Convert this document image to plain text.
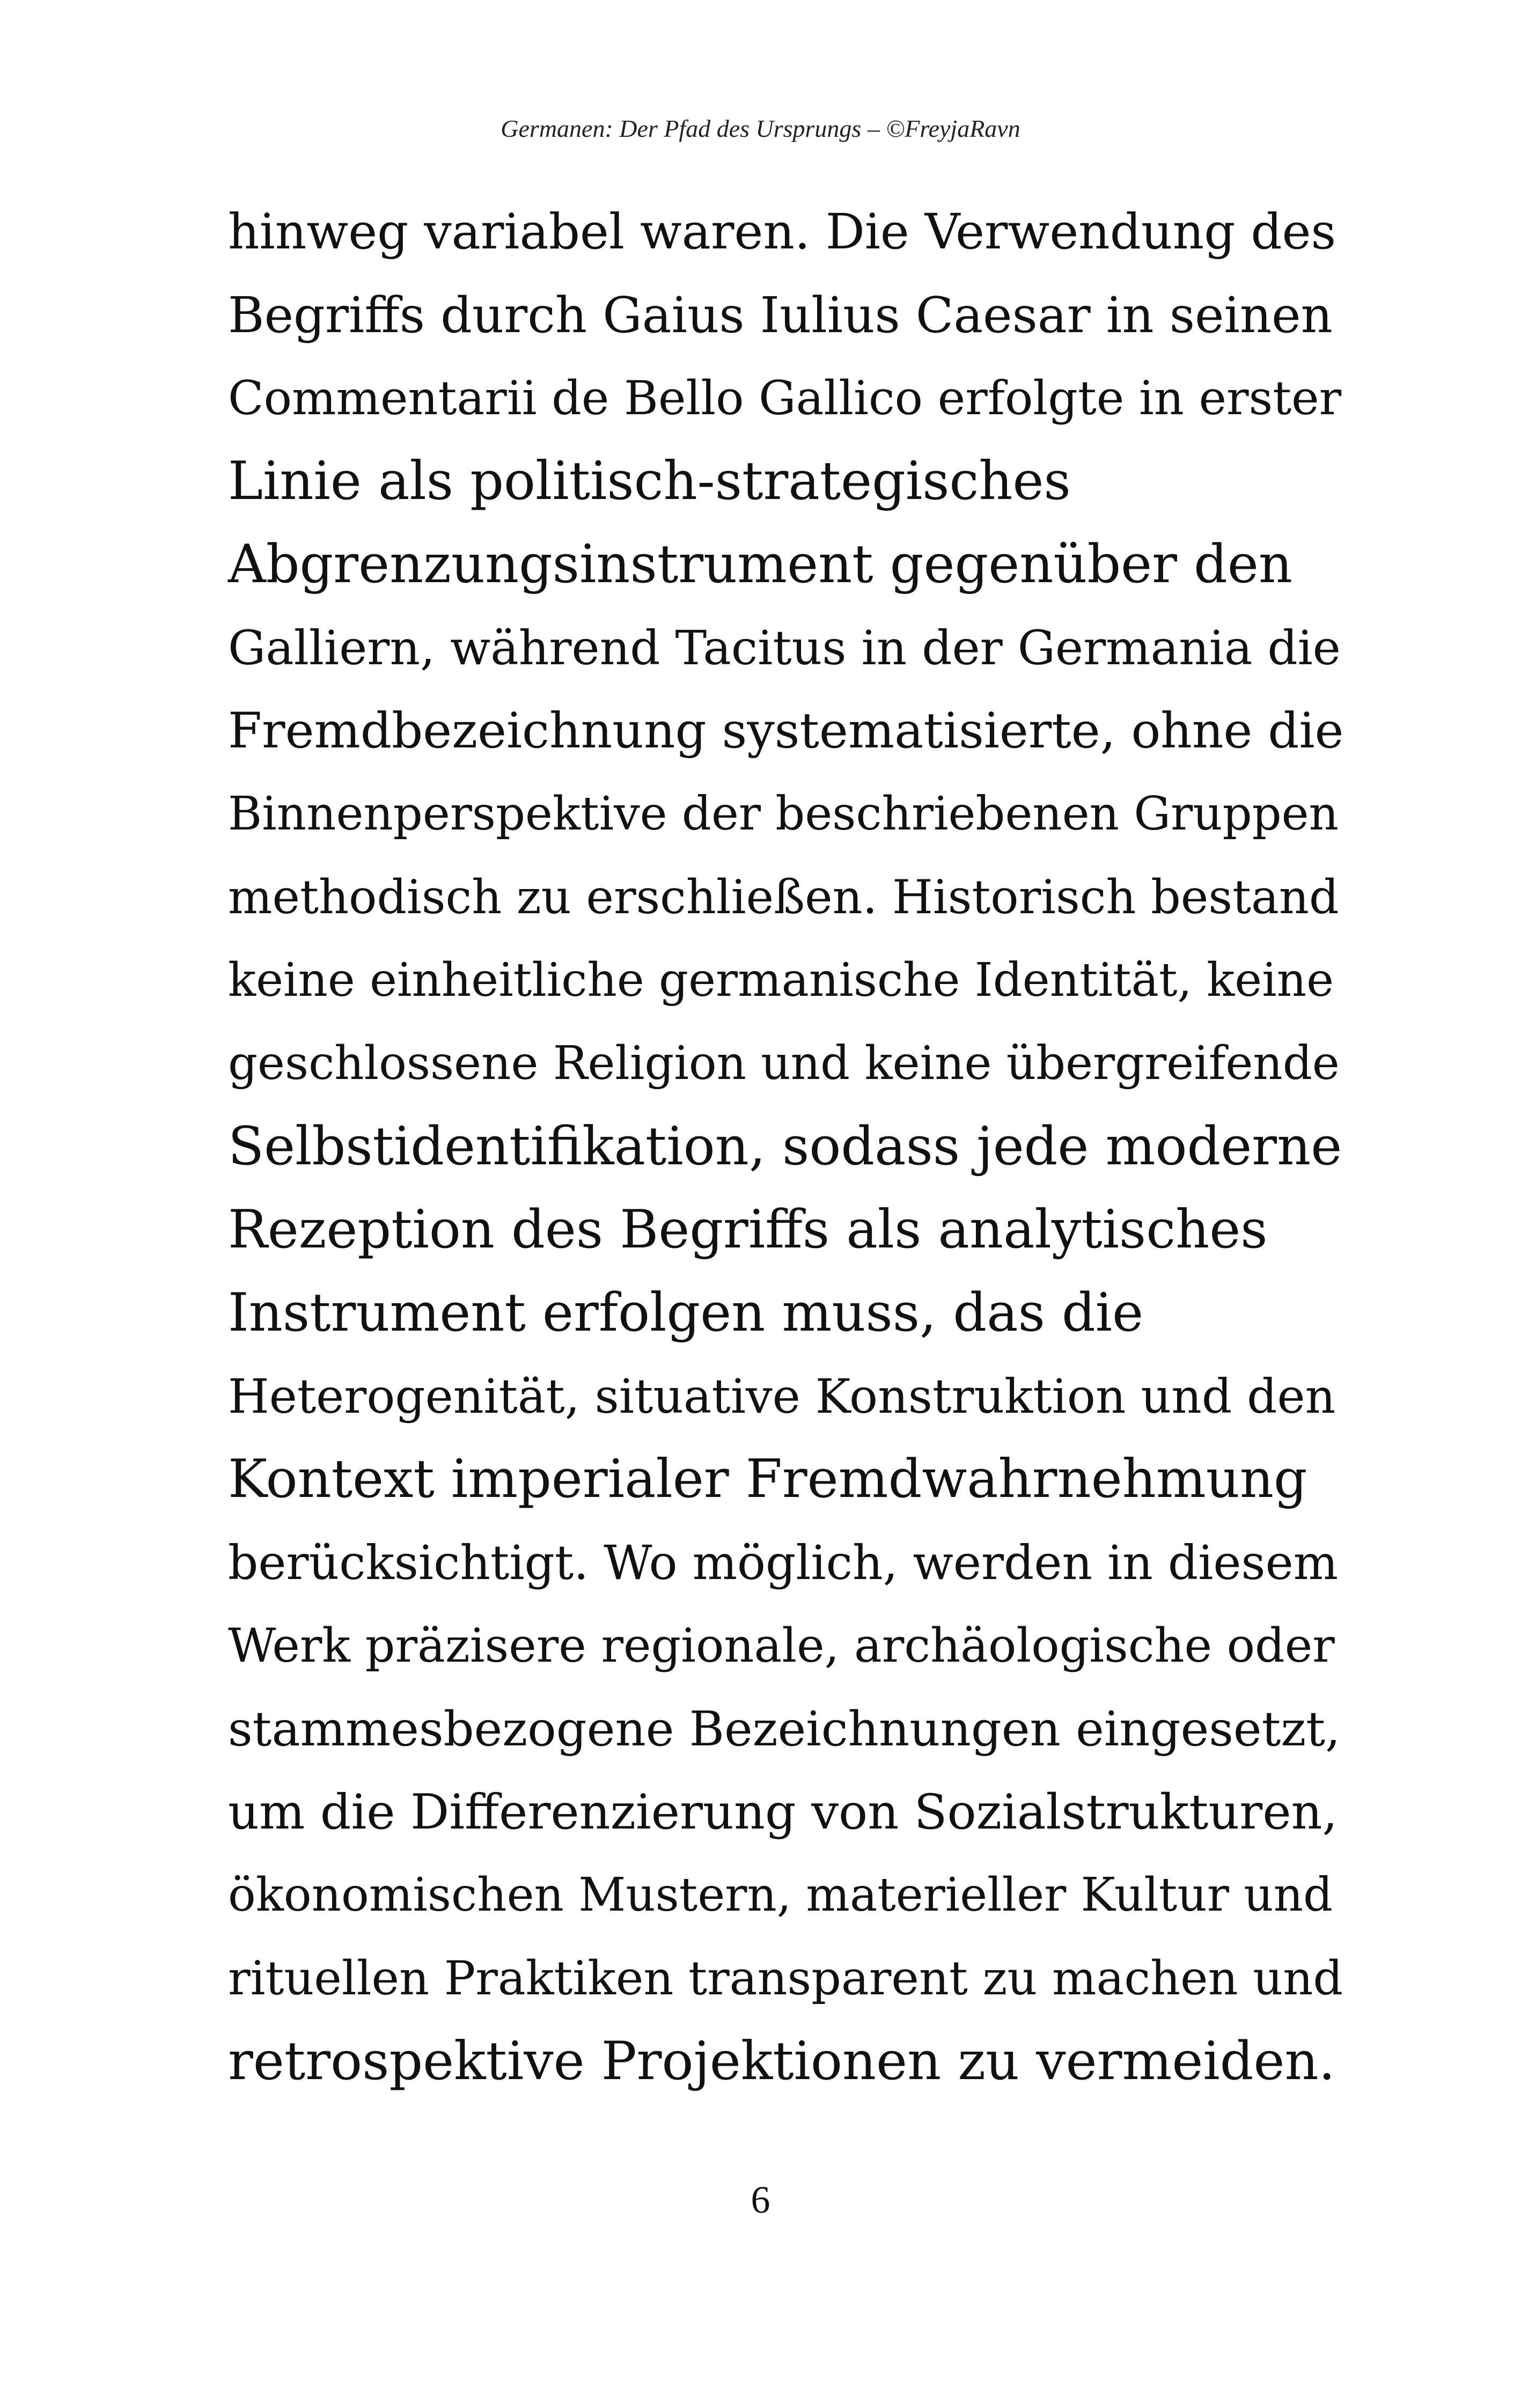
Germanen: Der Pfad des Ursprungs – ©FreyjaRavn
hinweg variabel waren. Die Verwendung des
Begriffs durch Gaius Iulius Caesar in seinen
Commentarii de Bello Gallico erfolgte in erster
Linie als politisch-strategisches
Abgrenzungsinstrument gegenüber den
Galliern, während Tacitus in der Germania die
Fremdbezeichnung systematisierte, ohne die
Binnenperspektive der beschriebenen Gruppen
methodisch zu erschließen. Historisch bestand
keine einheitliche germanische Identität, keine
geschlossene Religion und keine übergreifende
Selbstidentifikation, sodass jede moderne
Rezeption des Begriffs als analytisches
Instrument erfolgen muss, das die
Heterogenität, situative Konstruktion und den
Kontext imperialer Fremdwahrnehmung
berücksichtigt. Wo möglich, werden in diesem
Werk präzisere regionale, archäologische oder
stammesbezogene Bezeichnungen eingesetzt,
um die Differenzierung von Sozialstrukturen,
ökonomischen Mustern, materieller Kultur und
rituellen Praktiken transparent zu machen und
retrospektive Projektionen zu vermeiden.
6
